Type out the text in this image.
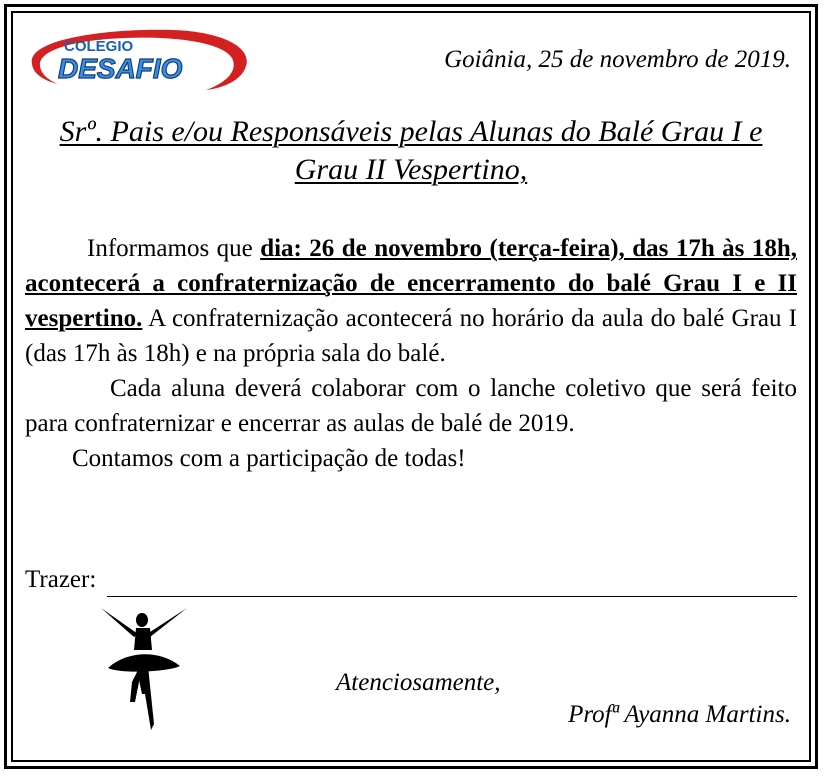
COLÉGIO
DESAFIO	Goiânia, 25 de novembro de 2019.
Srº. Pais e/ou Responsáveis pelas Alunas do Balé Grau I e Grau II Vespertino,

Informamos que dia: 26 de novembro (terça-feira), das 17h às 18h, acontecerá a confraternização de encerramento do balé Grau I e II vespertino. A confraternização acontecerá no horário da aula do balé Grau I (das 17h às 18h) e na própria sala do balé.

Cada aluna deverá colaborar com o lanche coletivo que será feito para confraternizar e encerrar as aulas de balé de 2019.

Contamos com a participação de todas!

Trazer:
Atenciosamente,
Profª Ayanna Martins.
